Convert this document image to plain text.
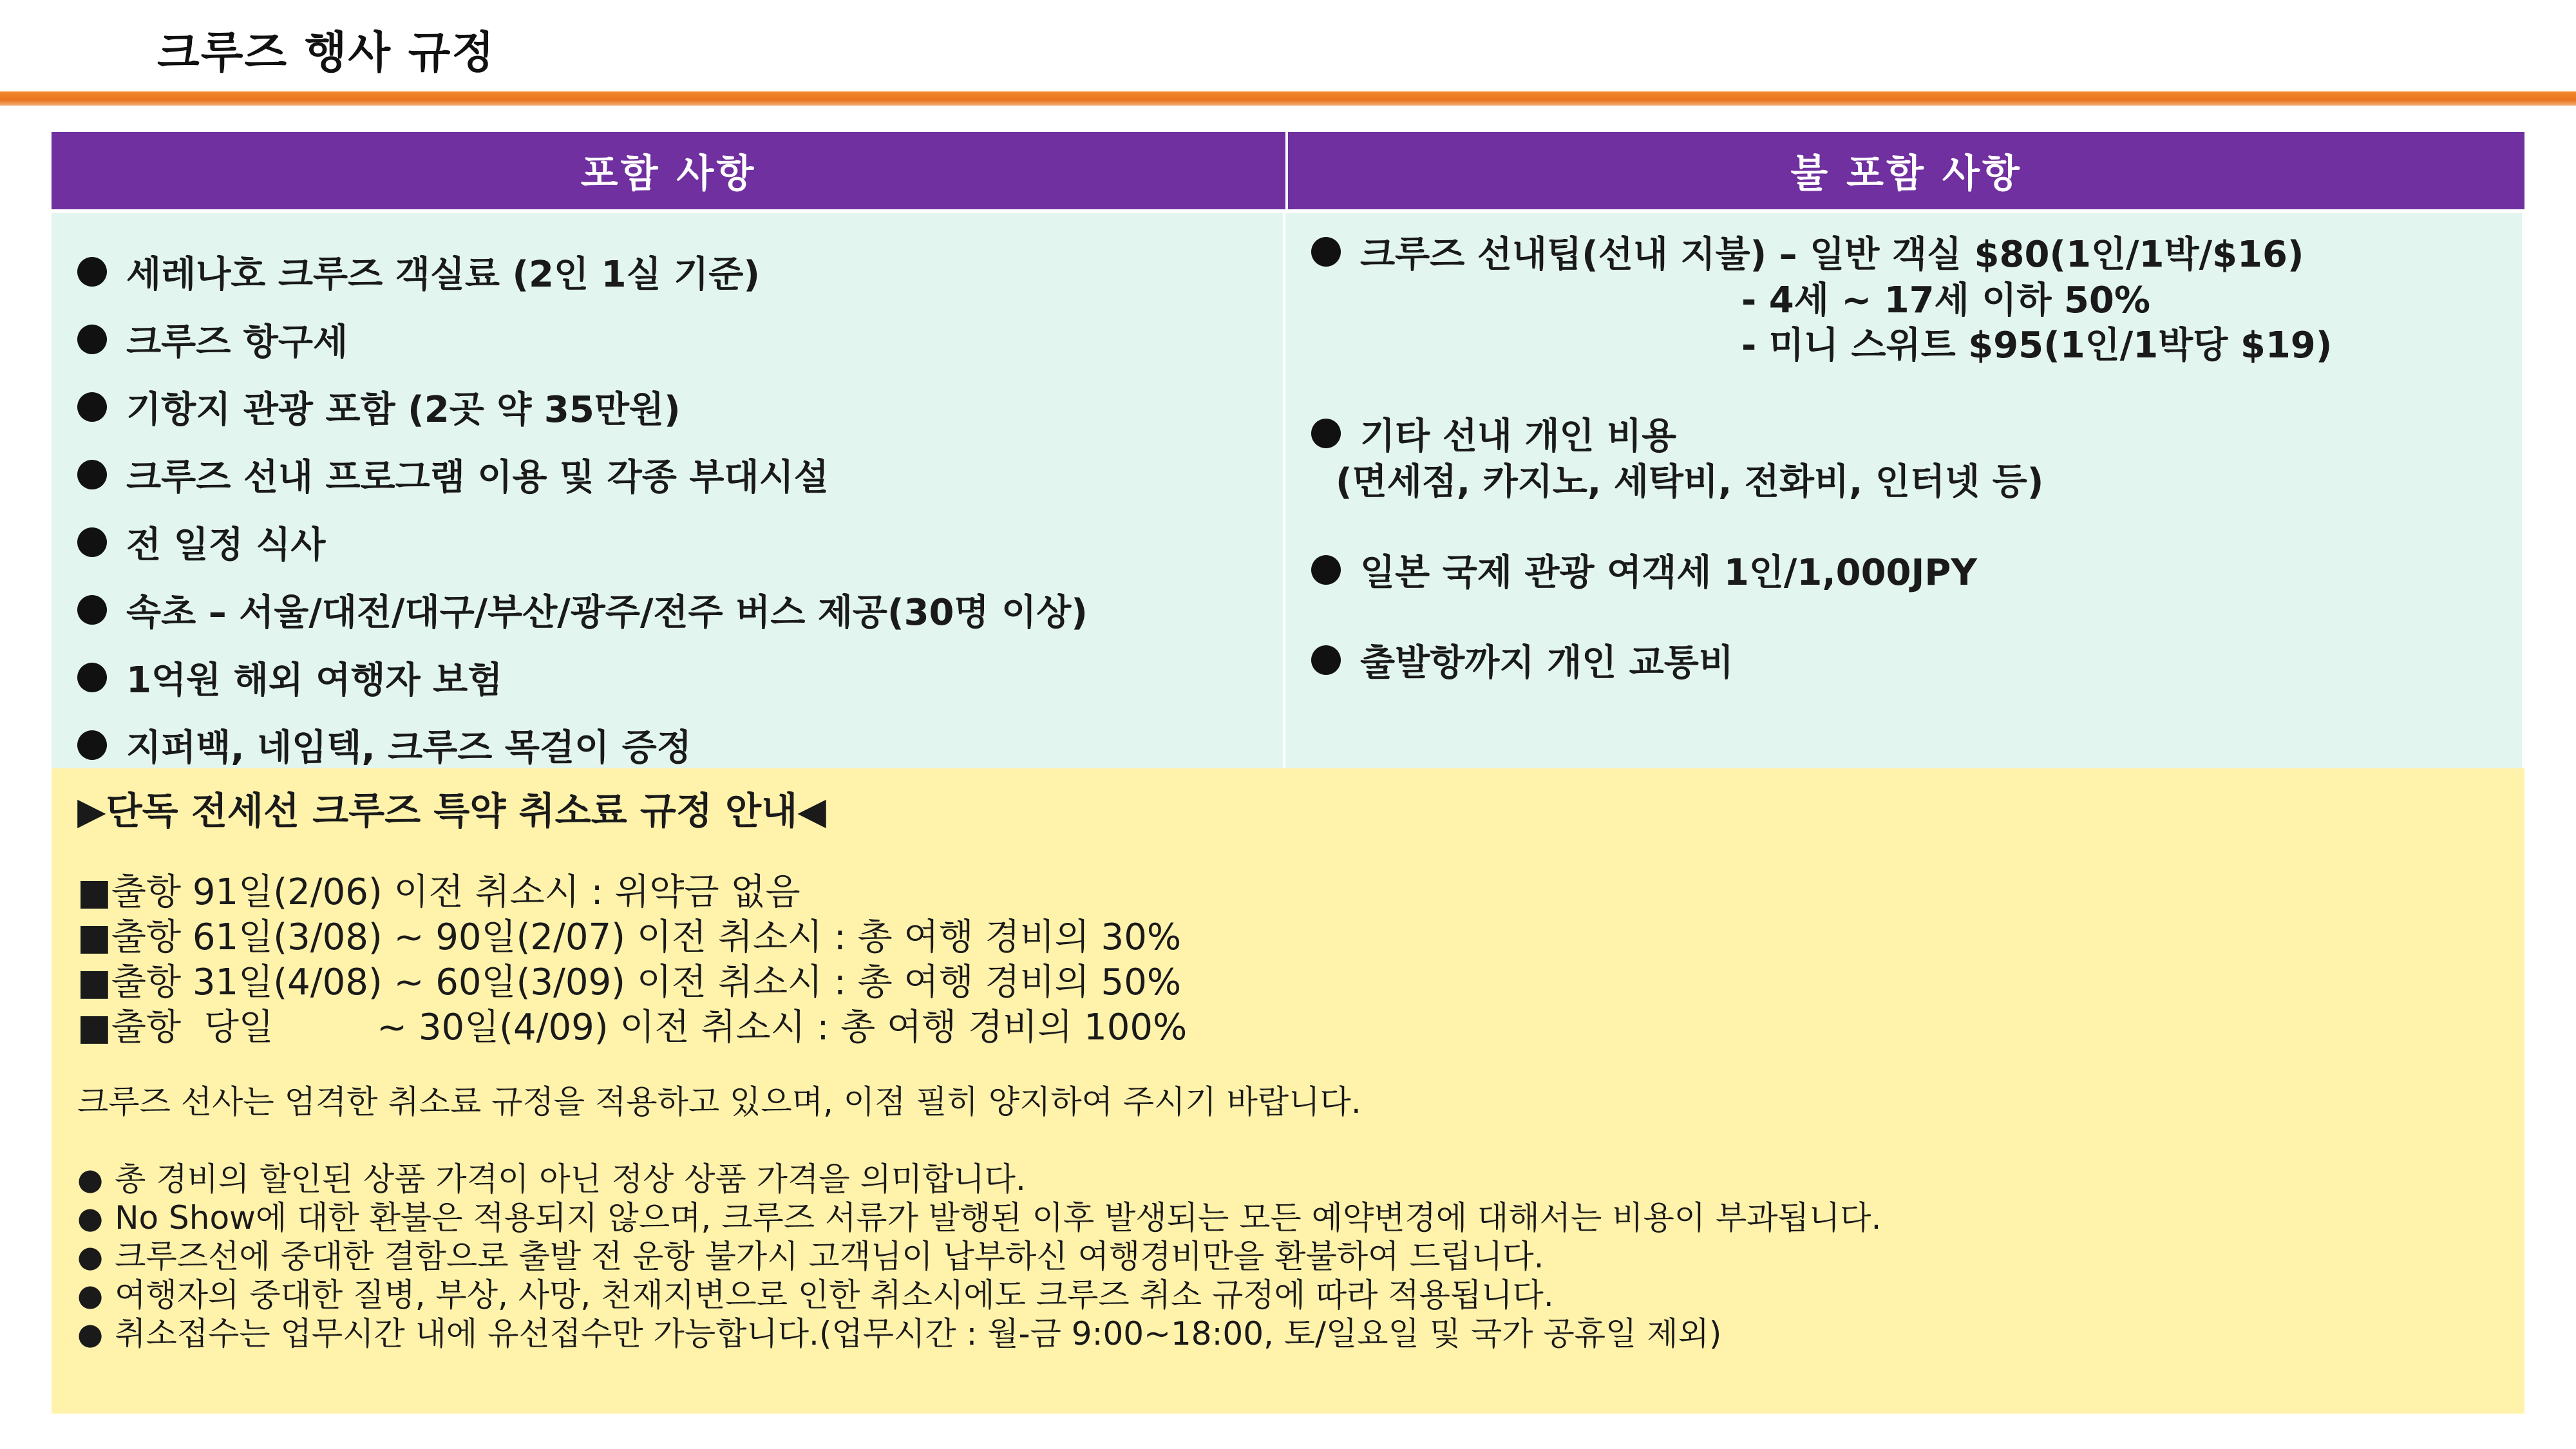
크루즈 행사 규정
포함 사항	불 포함 사항
세레나호 크루즈 객실료 (2인 1실 기준)
크루즈 항구세
기항지 관광 포함 (2곳 약 35만원)
크루즈 선내 프로그램 이용 및 각종 부대시설
전 일정 식사
속초 – 서울/대전/대구/부산/광주/전주 버스 제공(30명 이상)
1억원 해외 여행자 보험
지퍼백, 네임텍, 크루즈 목걸이 증정
크루즈 선내팁(선내 지불) – 일반 객실 $80(1인/1박/$16)
- 4세 ~ 17세 이하 50%
- 미니 스위트 $95(1인/1박당 $19)
기타 선내 개인 비용
(면세점, 카지노, 세탁비, 전화비, 인터넷 등)
일본 국제 관광 여객세 1인/1,000JPY
출발항까지 개인 교통비
▶단독 전세선 크루즈 특약 취소료 규정 안내◀
■출항 91일(2/06) 이전 취소시 : 위약금 없음
■출항 61일(3/08) ~ 90일(2/07) 이전 취소시 : 총 여행 경비의 30%
■출항 31일(4/08) ~ 60일(3/09) 이전 취소시 : 총 여행 경비의 50%
■출항  당일         ~ 30일(4/09) 이전 취소시 : 총 여행 경비의 100%
크루즈 선사는 엄격한 취소료 규정을 적용하고 있으며, 이점 필히 양지하여 주시기 바랍니다.
● 총 경비의 할인된 상품 가격이 아닌 정상 상품 가격을 의미합니다.
● No Show에 대한 환불은 적용되지 않으며, 크루즈 서류가 발행된 이후 발생되는 모든 예약변경에 대해서는 비용이 부과됩니다.
● 크루즈선에 중대한 결함으로 출발 전 운항 불가시 고객님이 납부하신 여행경비만을 환불하여 드립니다.
● 여행자의 중대한 질병, 부상, 사망, 천재지변으로 인한 취소시에도 크루즈 취소 규정에 따라 적용됩니다.
● 취소접수는 업무시간 내에 유선접수만 가능합니다.(업무시간 : 월-금 9:00~18:00, 토/일요일 및 국가 공휴일 제외)
